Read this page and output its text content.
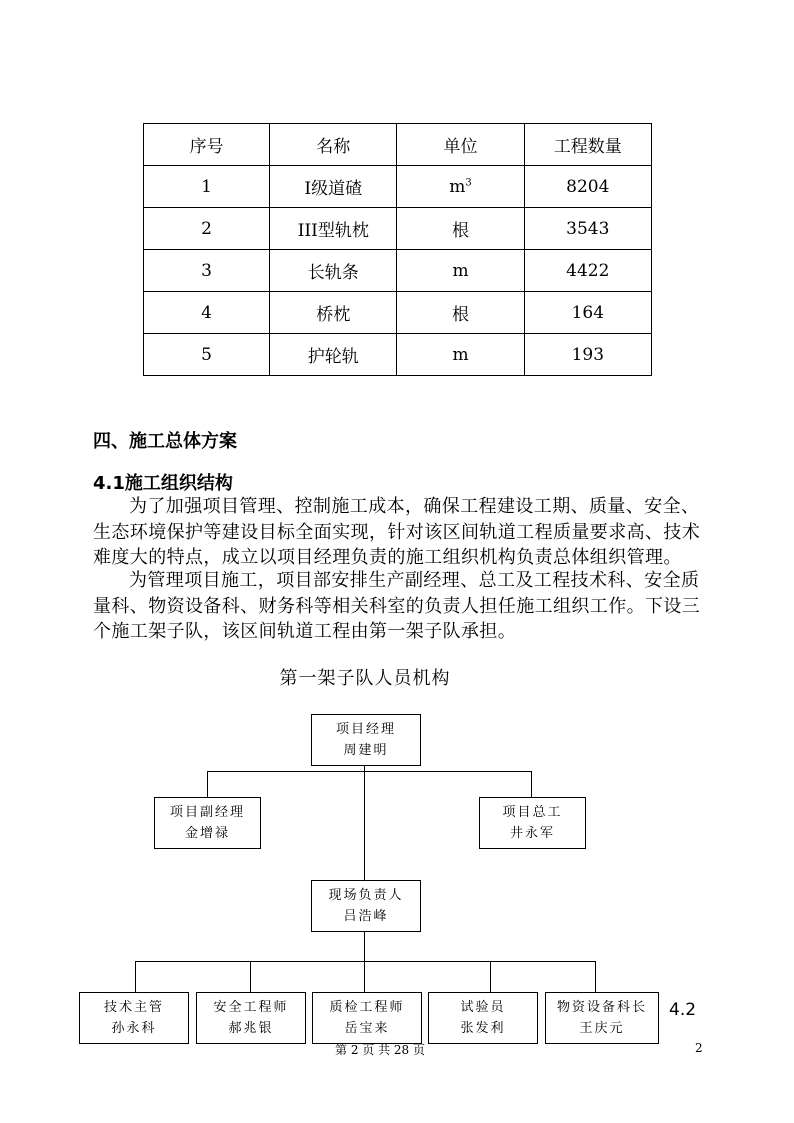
序号	名称	单位	工程数量
1	Ⅰ级道碴	$m^3$	8204
2	III型轨枕	根	3543
3	长轨条	m	4422
4	桥枕	根	164
5	护轮轨	m	193
四、施工总体方案
4.1施工组织结构
为了加强项目管理、控制施工成本，确保工程建设工期、质量、安全、生态环境保护等建设目标全面实现，针对该区间轨道工程质量要求高、技术难度大的特点，成立以项目经理负责的施工组织机构负责总体组织管理。
为管理项目施工，项目部安排生产副经理、总工及工程技术科、安全质量科、物资设备科、财务科等相关科室的负责人担任施工组织工作。下设三个施工架子队，该区间轨道工程由第一架子队承担。
第一架子队人员机构
项目经理
周建明
项目副经理
金增禄
项目总工
井永军
现场负责人
吕浩峰
技术主管
孙永科
安全工程师
郝兆银
质检工程师
岳宝来
试验员
张发利
物资设备科长
王庆元
4.2
第 2 页 共 28 页	2
